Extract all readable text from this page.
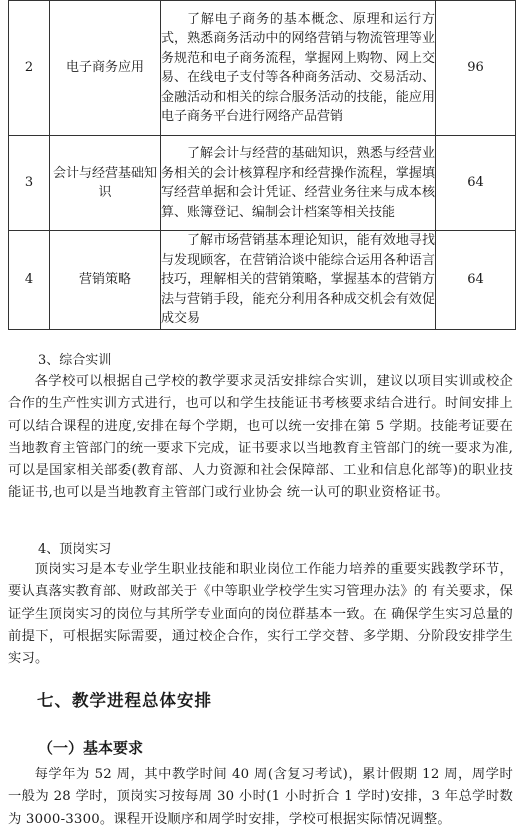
2	电子商务应用	了解电子商务的基本概念、原理和运行方式，熟悉商务活动中的网络营销与物流管理等业务规范和电子商务流程，掌握网上购物、网上交易、在线电子支付等各种商务活动、交易活动、金融活动和相关的综合服务活动的技能，能应用电子商务平台进行网络产品营销	96
3	会计与经营基础知识	了解会计与经营的基础知识，熟悉与经营业务相关的会计核算程序和经营操作流程，掌握填写经营单据和会计凭证、经营业务往来与成本核算、账簿登记、编制会计档案等相关技能	64
4	营销策略	了解市场营销基本理论知识，能有效地寻找与发现顾客，在营销洽谈中能综合运用各种语言技巧，理解相关的营销策略，掌握基本的营销方法与营销手段，能充分利用各种成交机会有效促成交易	64
3、综合实训

各学校可以根据自己学校的教学要求灵活安排综合实训，建议以项目实训或校企合作的生产性实训方式进行，也可以和学生技能证书考核要求结合进行。时间安排上可以结合课程的进度,安排在每个学期，也可以统一安排在第 5 学期。技能考证要在当地教育主管部门的统一要求下完成，证书要求以当地教育主管部门的统一要求为准,可以是国家相关部委(教育部、人力资源和社会保障部、工业和信息化部等)的职业技能证书,也可以是当地教育主管部门或行业协会 统一认可的职业资格证书。

4、顶岗实习

顶岗实习是本专业学生职业技能和职业岗位工作能力培养的重要实践教学环节，要认真落实教育部、财政部关于《中等职业学校学生实习管理办法》的 有关要求，保证学生顶岗实习的岗位与其所学专业面向的岗位群基本一致。在 确保学生实习总量的前提下，可根据实际需要，通过校企合作，实行工学交替、多学期、分阶段安排学生实习。

七、教学进程总体安排
（一）基本要求

每学年为 52 周，其中教学时间 40 周(含复习考试)，累计假期 12 周，周学时一般为 28 学时，顶岗实习按每周 30 小时(1 小时折合 1 学时)安排，3 年总学时数为 3000-3300。课程开设顺序和周学时安排，学校可根据实际情况调整。
